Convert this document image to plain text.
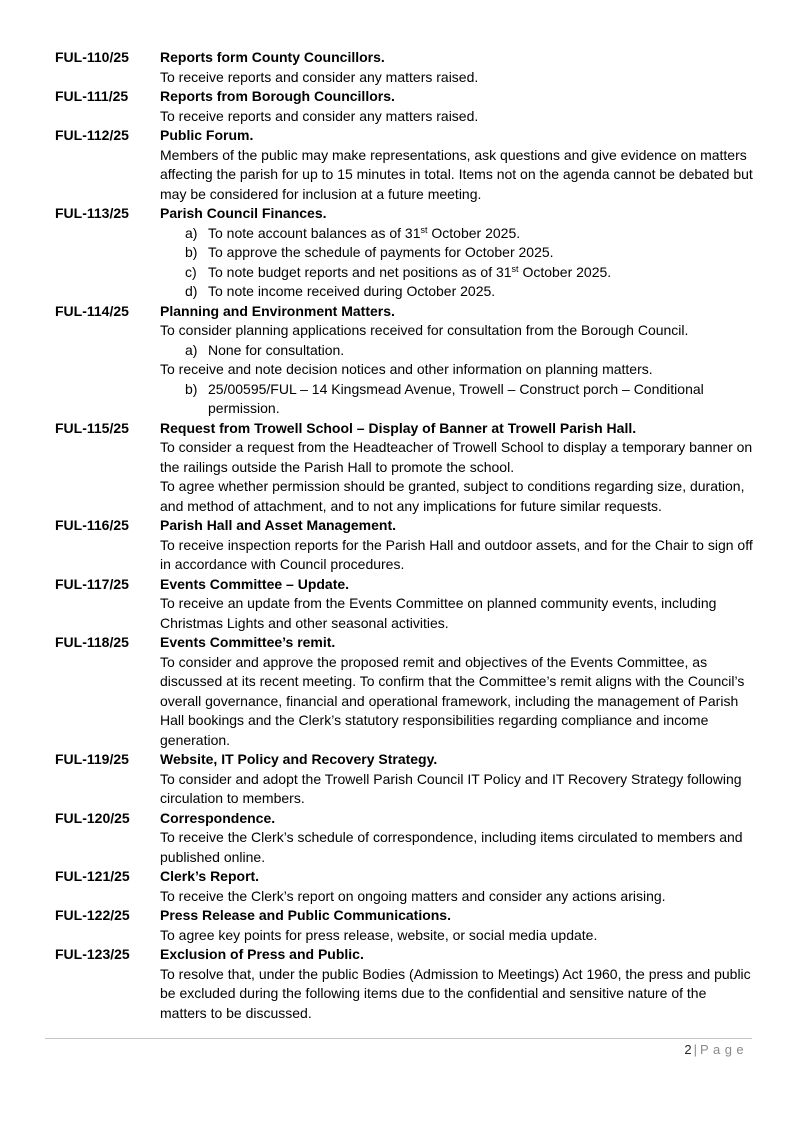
FUL-110/25	Reports form County Councillors.
To receive reports and consider any matters raised.
FUL-111/25	Reports from Borough Councillors.
To receive reports and consider any matters raised.
FUL-112/25	Public Forum.
Members of the public may make representations, ask questions and give evidence on matters affecting the parish for up to 15 minutes in total. Items not on the agenda cannot be debated but may be considered for inclusion at a future meeting.
FUL-113/25	Parish Council Finances.
a) To note account balances as of 31st October 2025.
b) To approve the schedule of payments for October 2025.
c) To note budget reports and net positions as of 31st October 2025.
d) To note income received during October 2025.
FUL-114/25	Planning and Environment Matters.
To consider planning applications received for consultation from the Borough Council.
a) None for consultation.
To receive and note decision notices and other information on planning matters.
b) 25/00595/FUL – 14 Kingsmead Avenue, Trowell – Construct porch – Conditional permission.
FUL-115/25	Request from Trowell School – Display of Banner at Trowell Parish Hall.
To consider a request from the Headteacher of Trowell School to display a temporary banner on the railings outside the Parish Hall to promote the school.
To agree whether permission should be granted, subject to conditions regarding size, duration, and method of attachment, and to not any implications for future similar requests.
FUL-116/25	Parish Hall and Asset Management.
To receive inspection reports for the Parish Hall and outdoor assets, and for the Chair to sign off in accordance with Council procedures.
FUL-117/25	Events Committee – Update.
To receive an update from the Events Committee on planned community events, including Christmas Lights and other seasonal activities.
FUL-118/25	Events Committee’s remit.
To consider and approve the proposed remit and objectives of the Events Committee, as discussed at its recent meeting. To confirm that the Committee’s remit aligns with the Council’s overall governance, financial and operational framework, including the management of Parish Hall bookings and the Clerk’s statutory responsibilities regarding compliance and income generation.
FUL-119/25	Website, IT Policy and Recovery Strategy.
To consider and adopt the Trowell Parish Council IT Policy and IT Recovery Strategy following circulation to members.
FUL-120/25	Correspondence.
To receive the Clerk’s schedule of correspondence, including items circulated to members and published online.
FUL-121/25	Clerk’s Report.
To receive the Clerk’s report on ongoing matters and consider any actions arising.
FUL-122/25	Press Release and Public Communications.
To agree key points for press release, website, or social media update.
FUL-123/25	Exclusion of Press and Public.
To resolve that, under the public Bodies (Admission to Meetings) Act 1960, the press and public be excluded during the following items due to the confidential and sensitive nature of the matters to be discussed.
2 | Page
